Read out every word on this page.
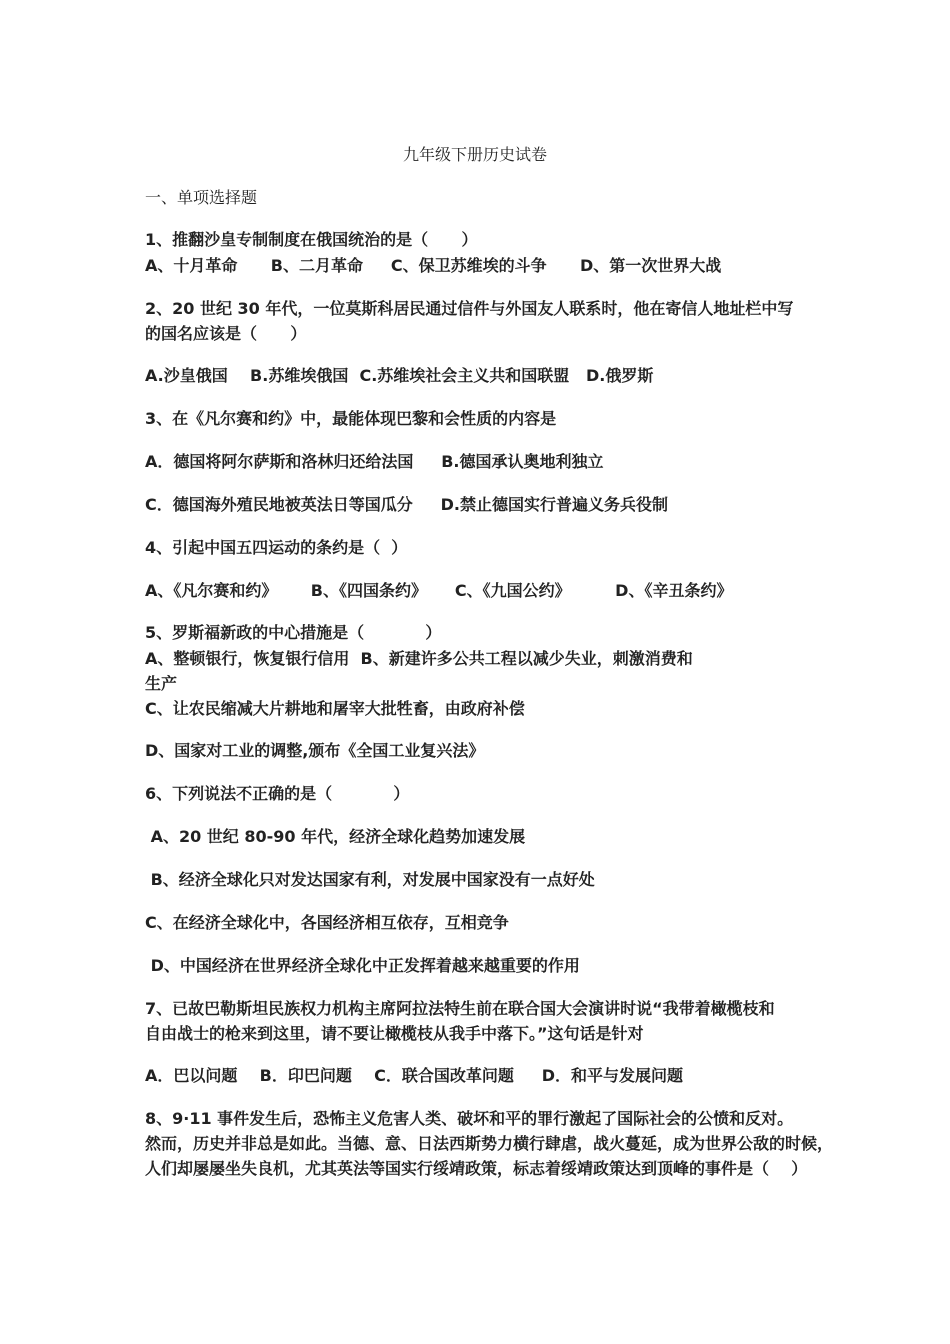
九年级下册历史试卷
一、单项选择题
1、推翻沙皇专制制度在俄国统治的是（      ）
A、十月革命      B、二月革命     C、保卫苏维埃的斗争      D、第一次世界大战
2、20 世纪 30 年代，一位莫斯科居民通过信件与外国友人联系时，他在寄信人地址栏中写
的国名应该是（      ）
A.沙皇俄国    B.苏维埃俄国  C.苏维埃社会主义共和国联盟   D.俄罗斯
3、在《凡尔赛和约》中，最能体现巴黎和会性质的内容是
A．德国将阿尔萨斯和洛林归还给法国     B.德国承认奥地利独立
C．德国海外殖民地被英法日等国瓜分     D.禁止德国实行普遍义务兵役制
4、引起中国五四运动的条约是（  ）
A、《凡尔赛和约》      B、《四国条约》     C、《九国公约》        D、《辛丑条约》
5、罗斯福新政的中心措施是（           ）
A、整顿银行，恢复银行信用  B、新建许多公共工程以减少失业，刺激消费和
生产
C、让农民缩减大片耕地和屠宰大批牲畜，由政府补偿
D、国家对工业的调整,颁布《全国工业复兴法》
6、下列说法不正确的是（           ）
A、20 世纪 80-90 年代，经济全球化趋势加速发展
B、经济全球化只对发达国家有利，对发展中国家没有一点好处
C、在经济全球化中，各国经济相互依存，互相竞争
D、中国经济在世界经济全球化中正发挥着越来越重要的作用
7、已故巴勒斯坦民族权力机构主席阿拉法特生前在联合国大会演讲时说“我带着橄榄枝和
自由战士的枪来到这里，请不要让橄榄枝从我手中落下。”这句话是针对
A．巴以问题    B．印巴问题    C．联合国改革问题     D．和平与发展问题
8、9·11 事件发生后，恐怖主义危害人类、破坏和平的罪行激起了国际社会的公愤和反对。
然而，历史并非总是如此。当德、意、日法西斯势力横行肆虐，战火蔓延，成为世界公敌的时候，
人们却屡屡坐失良机，尤其英法等国实行绥靖政策，标志着绥靖政策达到顶峰的事件是（    ）
